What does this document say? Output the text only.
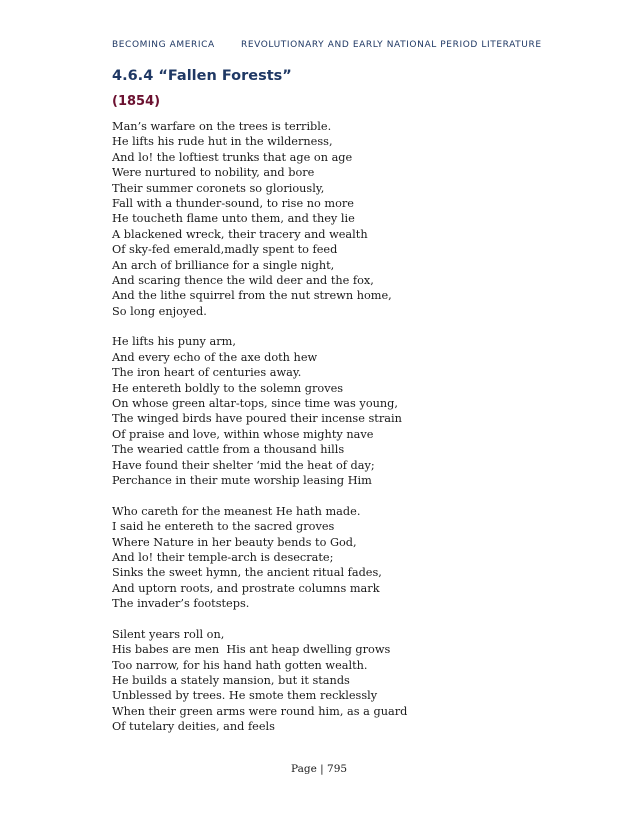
BECOMING AMERICA	REVOLUTIONARY AND EARLY NATIONAL PERIOD LITERATURE
4.6.4 “Fallen Forests”
(1854)
Man’s warfare on the trees is terrible.
He lifts his rude hut in the wilderness,
And lo! the loftiest trunks that age on age
Were nurtured to nobility, and bore
Their summer coronets so gloriously,
Fall with a thunder-sound, to rise no more
He toucheth flame unto them, and they lie
A blackened wreck, their tracery and wealth
Of sky-fed emerald,madly spent to feed
An arch of brilliance for a single night,
And scaring thence the wild deer and the fox,
And the lithe squirrel from the nut strewn home,
So long enjoyed.
He lifts his puny arm,
And every echo of the axe doth hew
The iron heart of centuries away.
He entereth boldly to the solemn groves
On whose green altar-tops, since time was young,
The winged birds have poured their incense strain
Of praise and love, within whose mighty nave
The wearied cattle from a thousand hills
Have found their shelter ‘mid the heat of day;
Perchance in their mute worship leasing Him
Who careth for the meanest He hath made.
I said he entereth to the sacred groves
Where Nature in her beauty bends to God,
And lo! their temple-arch is desecrate;
Sinks the sweet hymn, the ancient ritual fades,
And uptorn roots, and prostrate columns mark
The invader’s footsteps.
Silent years roll on,
His babes are men  His ant heap dwelling grows
Too narrow, for his hand hath gotten wealth.
He builds a stately mansion, but it stands
Unblessed by trees. He smote them recklessly
When their green arms were round him, as a guard
Of tutelary deities, and feels
Page | 795
